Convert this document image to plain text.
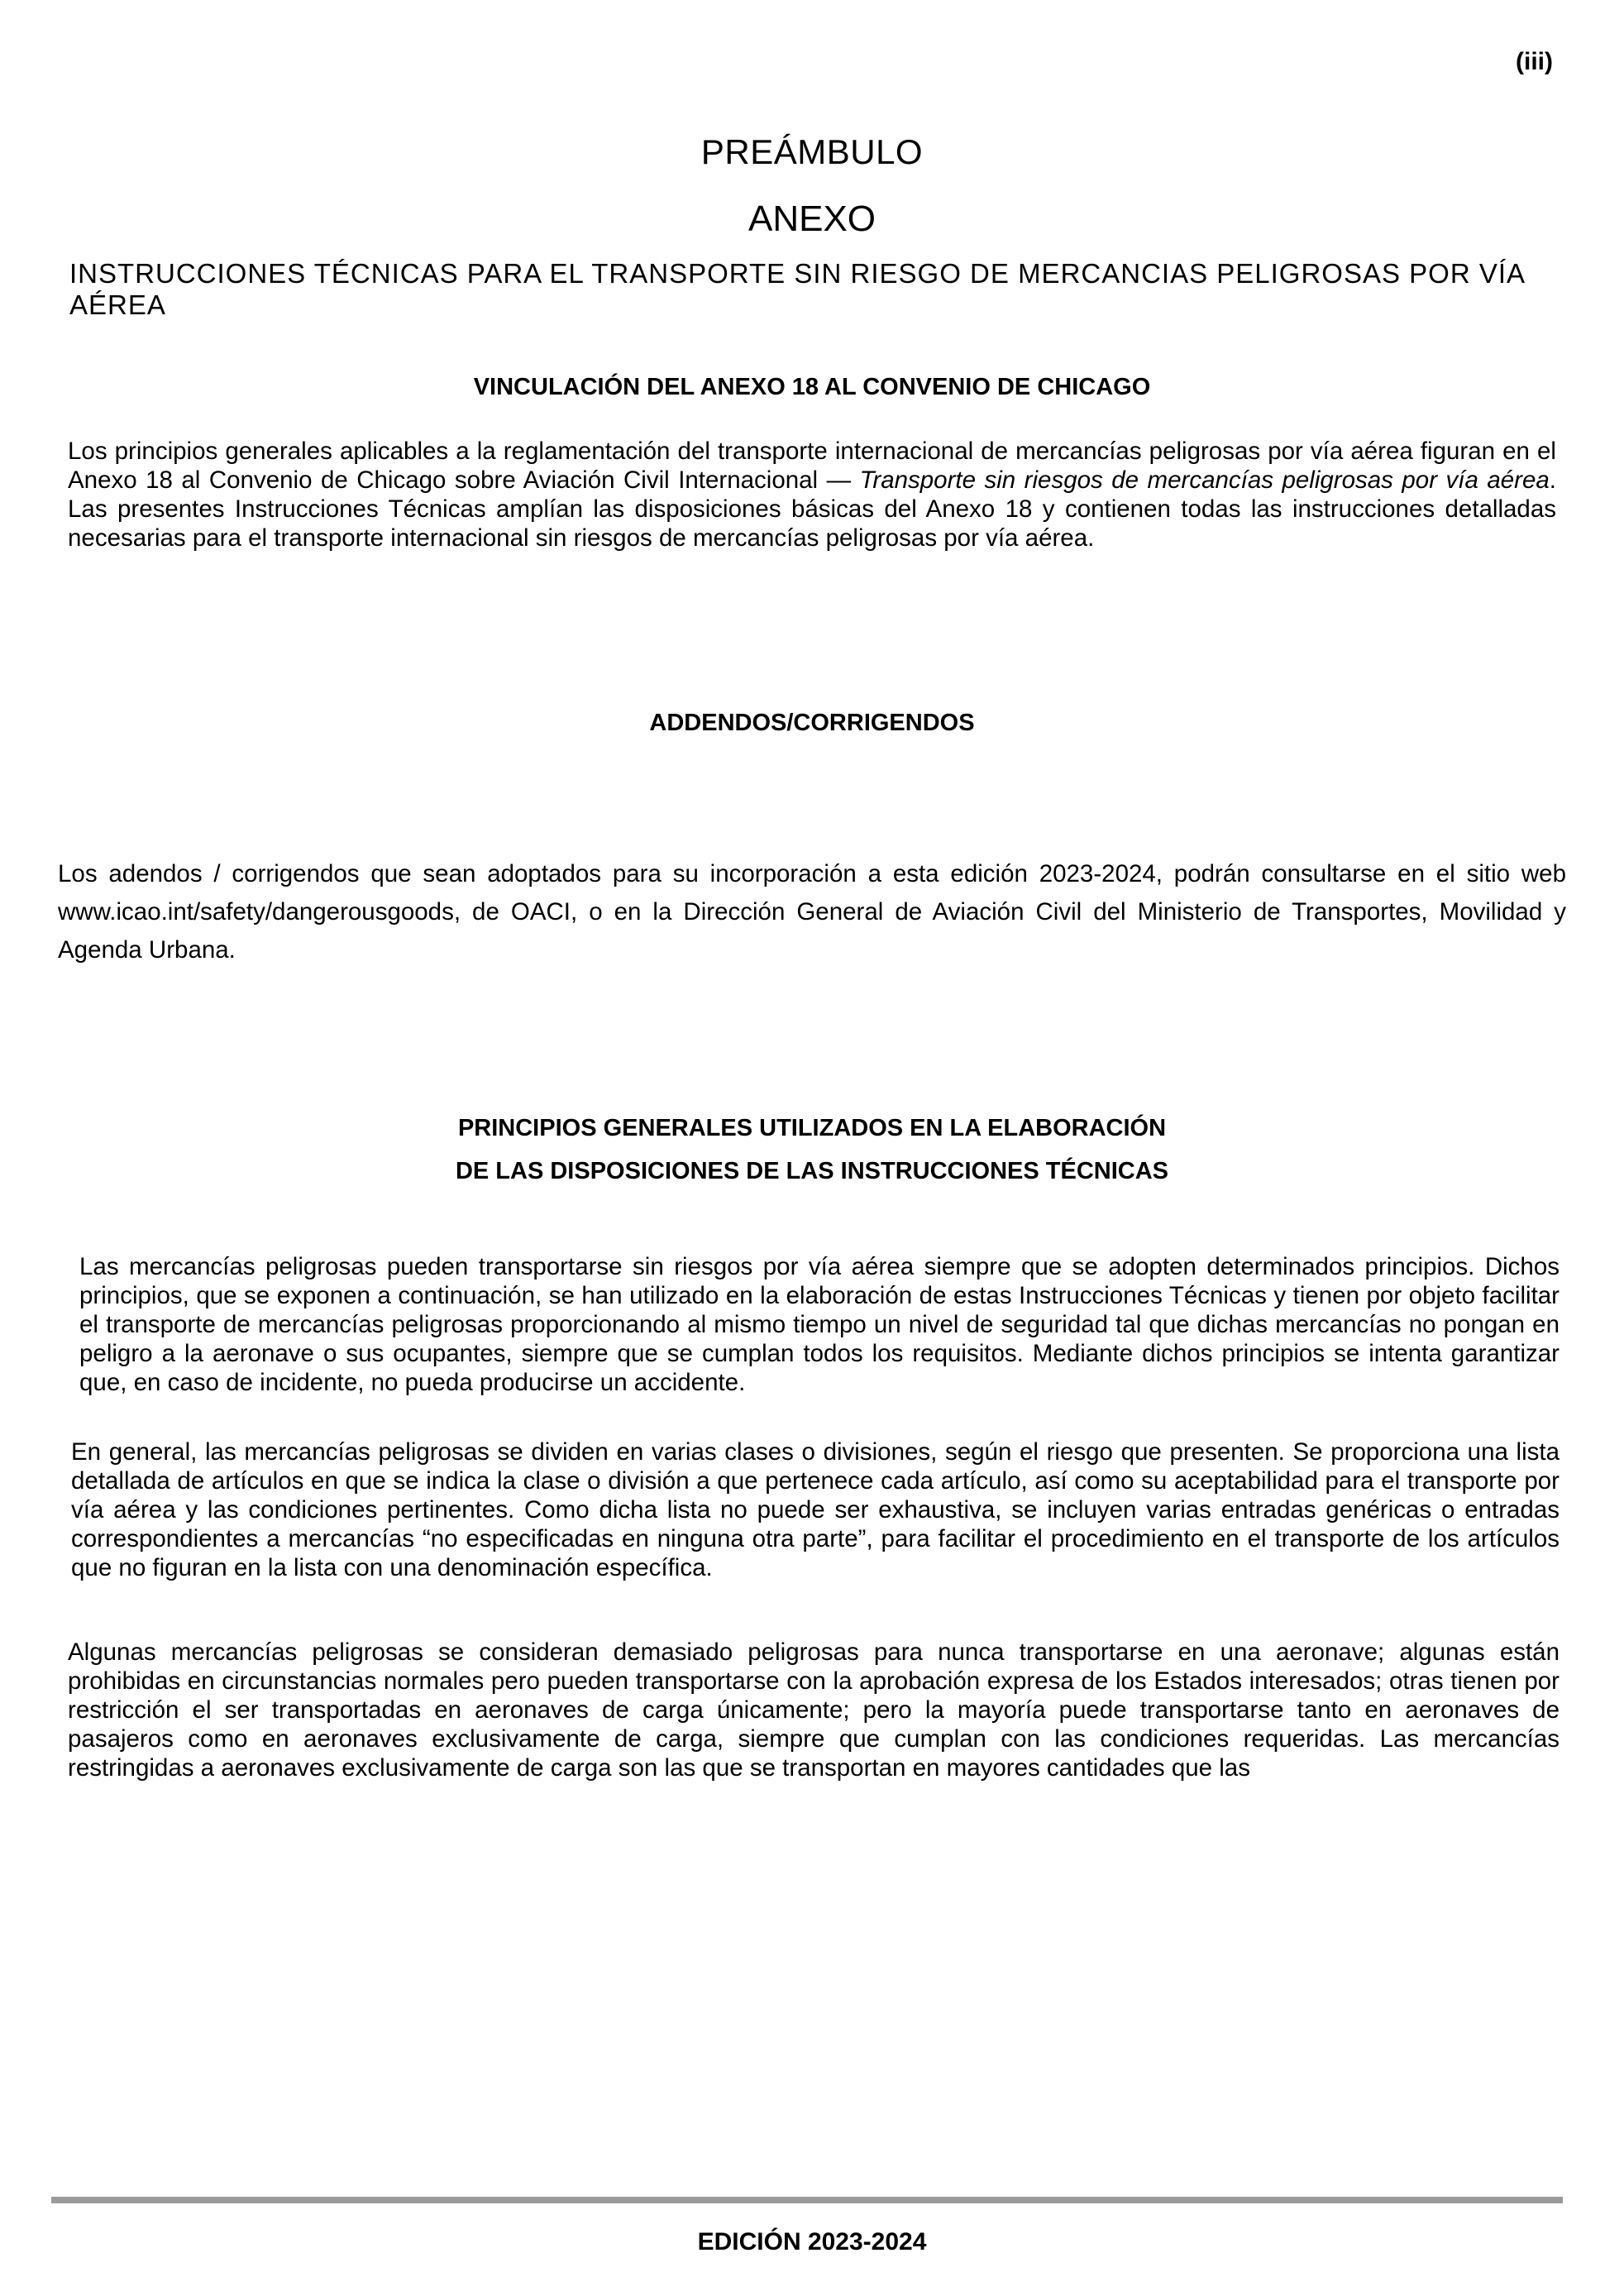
(iii)
PREÁMBULO
ANEXO
INSTRUCCIONES TÉCNICAS PARA EL TRANSPORTE SIN RIESGO DE MERCANCIAS PELIGROSAS POR VÍA AÉREA
VINCULACIÓN DEL ANEXO 18 AL CONVENIO DE CHICAGO
Los principios generales aplicables a la reglamentación del transporte internacional de mercancías peligrosas por vía aérea figuran en el Anexo 18 al Convenio de Chicago sobre Aviación Civil Internacional — Transporte sin riesgos de mercancías peligrosas por vía aérea. Las presentes Instrucciones Técnicas amplían las disposiciones básicas del Anexo 18 y contienen todas las instrucciones detalladas necesarias para el transporte internacional sin riesgos de mercancías peligrosas por vía aérea.
ADDENDOS/CORRIGENDOS
Los adendos / corrigendos que sean adoptados para su incorporación a esta edición 2023-2024, podrán consultarse en el sitio web www.icao.int/safety/dangerousgoods, de OACI, o en la Dirección General de Aviación Civil del Ministerio de Transportes, Movilidad y Agenda Urbana.
PRINCIPIOS GENERALES UTILIZADOS EN LA ELABORACIÓN
DE LAS DISPOSICIONES DE LAS INSTRUCCIONES TÉCNICAS
Las mercancías peligrosas pueden transportarse sin riesgos por vía aérea siempre que se adopten determinados principios. Dichos principios, que se exponen a continuación, se han utilizado en la elaboración de estas Instrucciones Técnicas y tienen por objeto facilitar el transporte de mercancías peligrosas proporcionando al mismo tiempo un nivel de seguridad tal que dichas mercancías no pongan en peligro a la aeronave o sus ocupantes, siempre que se cumplan todos los requisitos. Mediante dichos principios se intenta garantizar que, en caso de incidente, no pueda producirse un accidente.
En general, las mercancías peligrosas se dividen en varias clases o divisiones, según el riesgo que presenten. Se proporciona una lista detallada de artículos en que se indica la clase o división a que pertenece cada artículo, así como su aceptabilidad para el transporte por vía aérea y las condiciones pertinentes. Como dicha lista no puede ser exhaustiva, se incluyen varias entradas genéricas o entradas correspondientes a mercancías “no especificadas en ninguna otra parte”, para facilitar el procedimiento en el transporte de los artículos que no figuran en la lista con una denominación específica.
Algunas mercancías peligrosas se consideran demasiado peligrosas para nunca transportarse en una aeronave; algunas están prohibidas en circunstancias normales pero pueden transportarse con la aprobación expresa de los Estados interesados; otras tienen por restricción el ser transportadas en aeronaves de carga únicamente; pero la mayoría puede transportarse tanto en aeronaves de pasajeros como en aeronaves exclusivamente de carga, siempre que cumplan con las condiciones requeridas. Las mercancías restringidas a aeronaves exclusivamente de carga son las que se transportan en mayores cantidades que las
EDICIÓN 2023-2024
